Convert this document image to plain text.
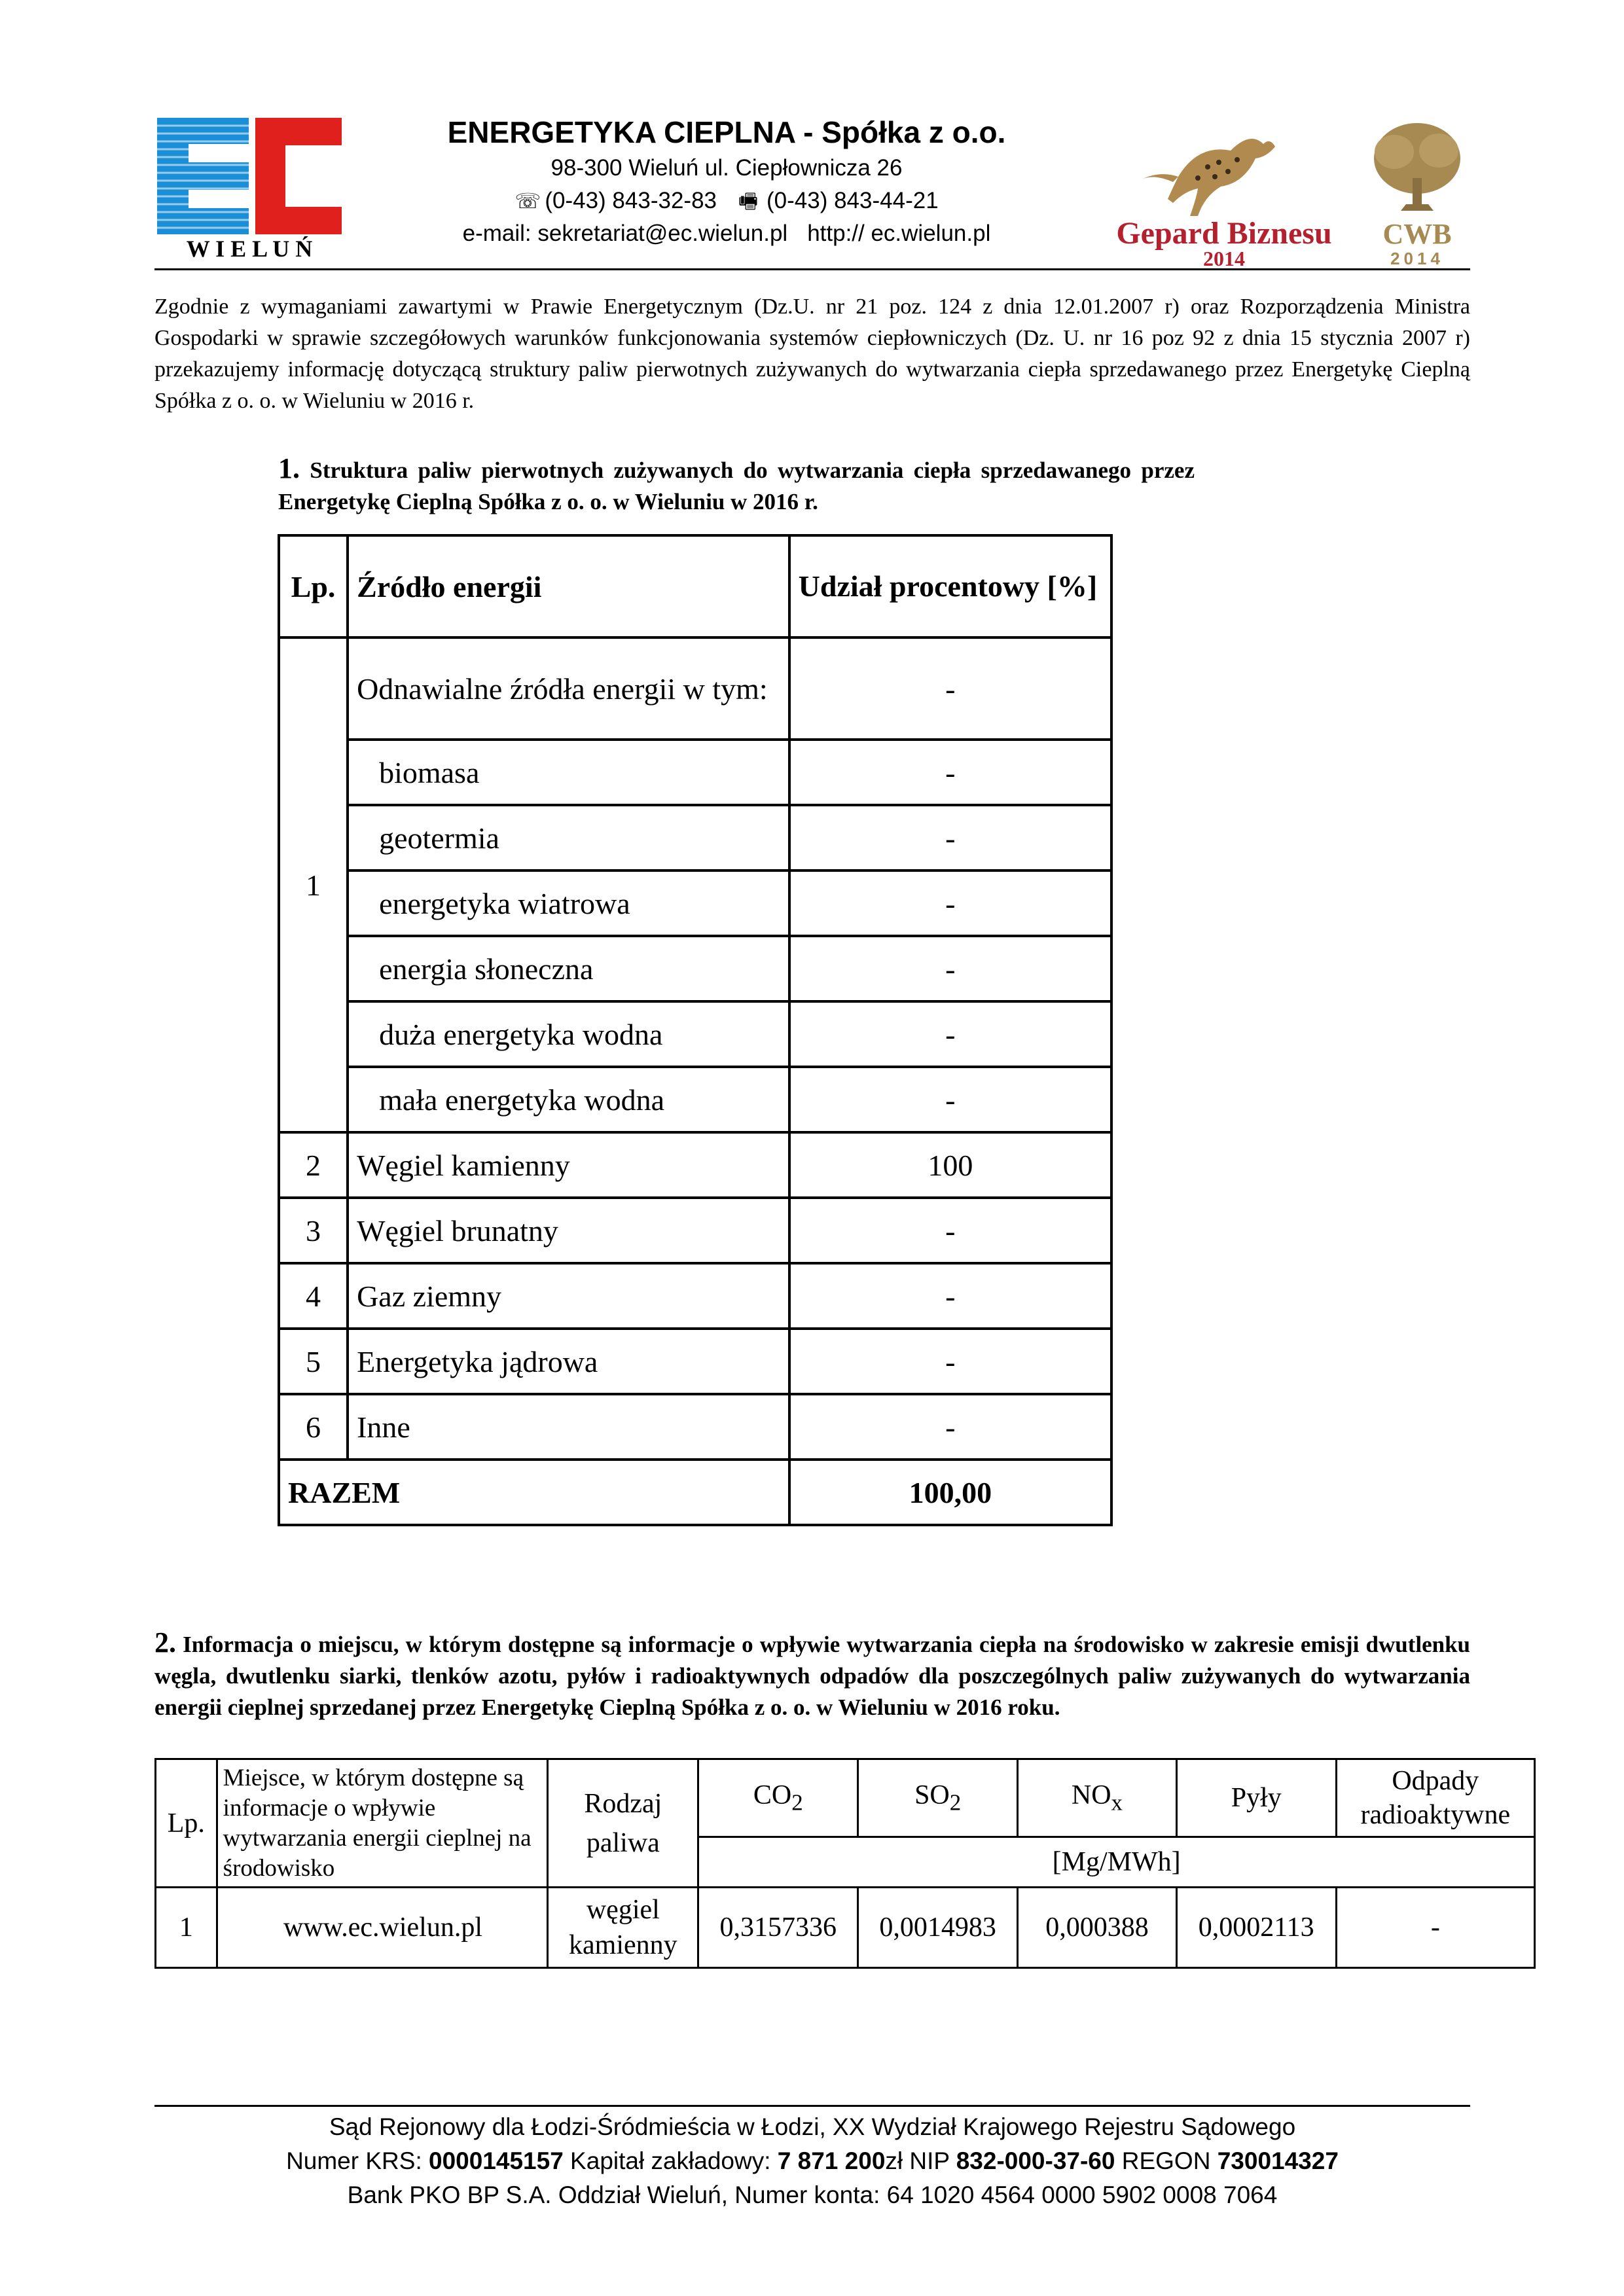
W I E L U Ń
ENERGETYKA CIEPLNA - Spółka z o.o.
98-300 Wieluń ul. Ciepłownicza 26
☏ (0-43) 843-32-83 🖷 (0-43) 843-44-21
e-mail: sekretariat@ec.wielun.pl http:// ec.wielun.pl	Gepard Biznesu
2014
CWB
2014
Zgodnie z wymaganiami zawartymi w Prawie Energetycznym (Dz.U. nr 21 poz. 124 z dnia 12.01.2007 r) oraz Rozporządzenia Ministra Gospodarki w sprawie szczegółowych warunków funkcjonowania systemów ciepłowniczych (Dz. U. nr 16 poz 92 z dnia 15 stycznia 2007 r) przekazujemy informację dotyczącą struktury paliw pierwotnych zużywanych do wytwarzania ciepła sprzedawanego przez Energetykę Cieplną Spółka z o. o. w Wieluniu w 2016 r.
1. Struktura paliw pierwotnych zużywanych do wytwarzania ciepła sprzedawanego przez Energetykę Cieplną Spółka z o. o. w Wieluniu w 2016 r.
Lp.	Źródło energii	Udział procentowy [%]
1	Odnawialne źródła energii w tym:	-
	biomasa	-
	geotermia	-
	energetyka wiatrowa	-
	energia słoneczna	-
	duża energetyka wodna	-
	mała energetyka wodna	-
2	Węgiel kamienny	100
3	Węgiel brunatny	-
4	Gaz ziemny	-
5	Energetyka jądrowa	-
6	Inne	-
RAZEM		100,00
2. Informacja o miejscu, w którym dostępne są informacje o wpływie wytwarzania ciepła na środowisko w zakresie emisji dwutlenku węgla, dwutlenku siarki, tlenków azotu, pyłów i radioaktywnych odpadów dla poszczególnych paliw zużywanych do wytwarzania energii cieplnej sprzedanej przez Energetykę Cieplną Spółka z o. o. w Wieluniu w 2016 roku.
Lp.	Miejsce, w którym dostępne są informacje o wpływie wytwarzania energii cieplnej na środowisko	Rodzaj paliwa	$CO_2$	$SO_2$	$NO_x$	Pyły	Odpady radioaktywne
			[Mg/MWh]				
1	www.ec.wielun.pl	węgiel kamienny	0,3157336	0,0014983	0,000388	0,0002113	-
Sąd Rejonowy dla Łodzi-Śródmieścia w Łodzi, XX Wydział Krajowego Rejestru Sądowego
Numer KRS: 0000145157 Kapitał zakładowy: 7 871 200zł NIP 832-000-37-60 REGON 730014327
Bank PKO BP S.A. Oddział Wieluń, Numer konta: 64 1020 4564 0000 5902 0008 7064
